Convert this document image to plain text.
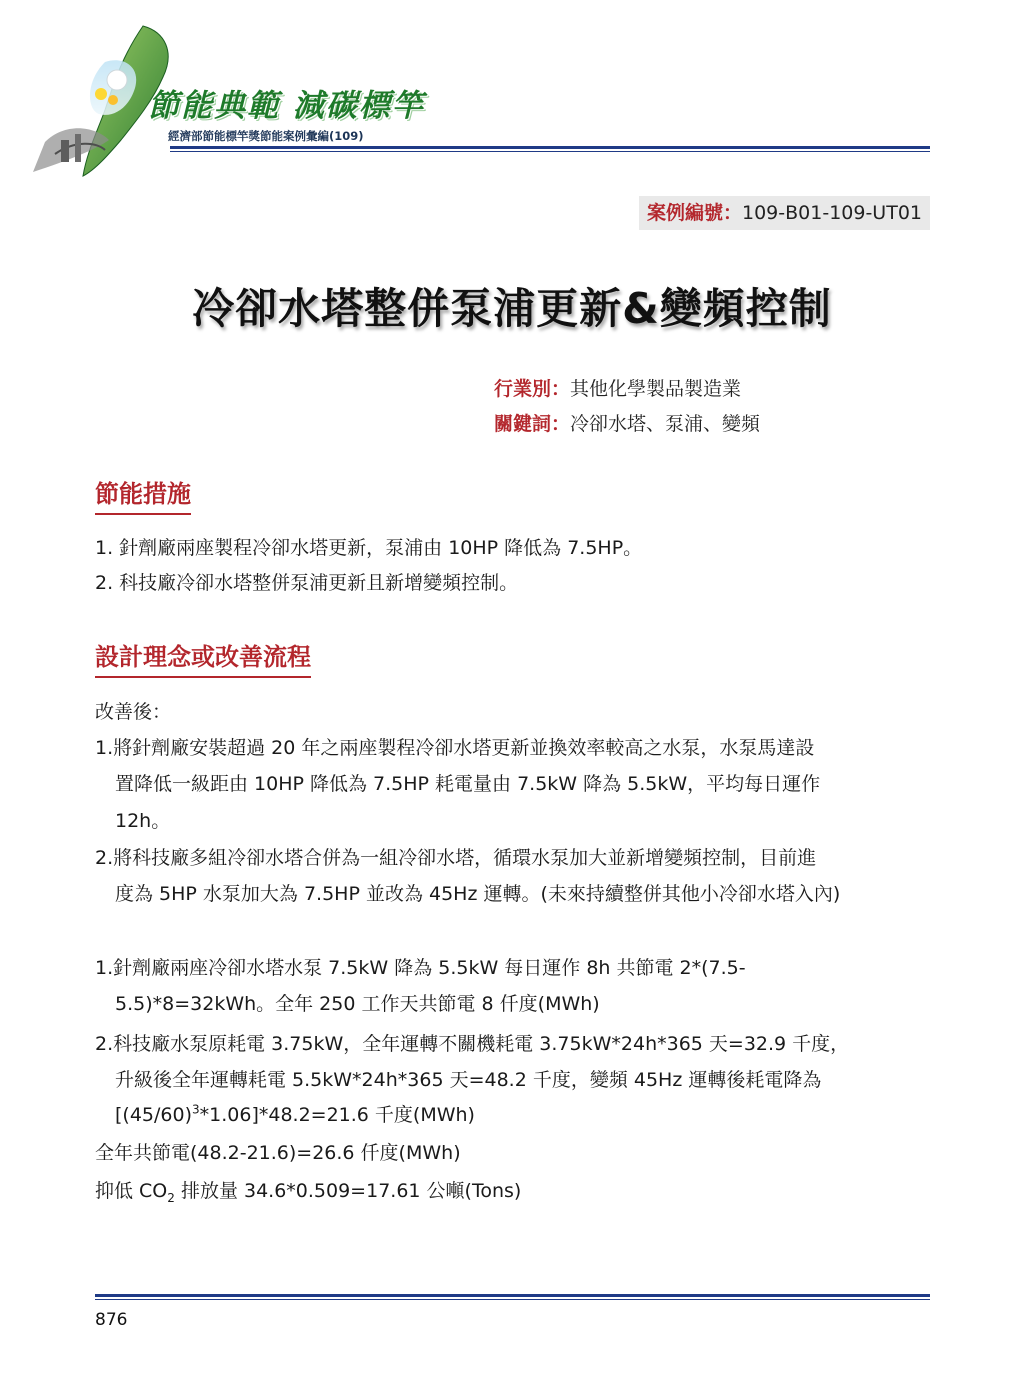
節能典範 減碳標竿
經濟部節能標竿獎節能案例彙編(109)
案例編號：109-B01-109-UT01
冷卻水塔整併泵浦更新&變頻控制
行業別：其他化學製品製造業
關鍵詞：冷卻水塔、泵浦、變頻
節能措施
1. 針劑廠兩座製程冷卻水塔更新，泵浦由 10HP 降低為 7.5HP。
2. 科技廠冷卻水塔整併泵浦更新且新增變頻控制。
設計理念或改善流程
改善後：
1.將針劑廠安裝超過 20 年之兩座製程冷卻水塔更新並換效率較高之水泵，水泵馬達設
置降低一級距由 10HP 降低為 7.5HP 耗電量由 7.5kW 降為 5.5kW，平均每日運作
12h。
2.將科技廠多組冷卻水塔合併為一組冷卻水塔，循環水泵加大並新增變頻控制，目前進
度為 5HP 水泵加大為 7.5HP 並改為 45Hz 運轉。(未來持續整併其他小冷卻水塔入內)
1.針劑廠兩座冷卻水塔水泵 7.5kW 降為 5.5kW 每日運作 8h 共節電 2*(7.5-
5.5)*8=32kWh。全年 250 工作天共節電 8 仟度(MWh)
2.科技廠水泵原耗電 3.75kW，全年運轉不關機耗電 3.75kW*24h*365 天=32.9 千度，
升級後全年運轉耗電 5.5kW*24h*365 天=48.2 千度，變頻 45Hz 運轉後耗電降為
$[(45/60)^3*1.06]*48.2=21.6$ 千度(MWh)
全年共節電(48.2-21.6)=26.6 仟度(MWh)
抑低 $CO_2$ 排放量 34.6*0.509=17.61 公噸(Tons)
876
